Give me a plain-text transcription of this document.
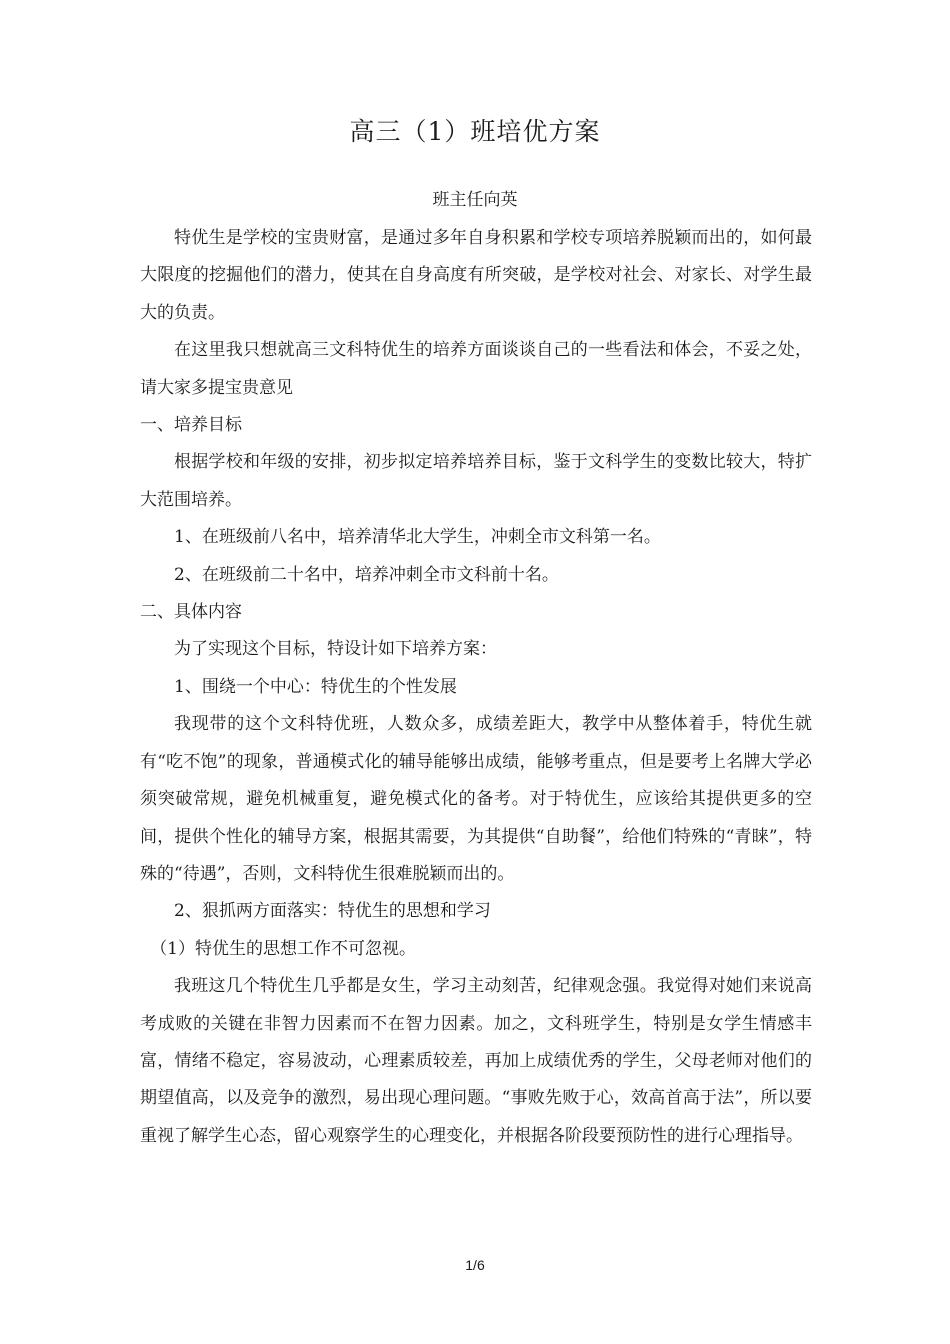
高三（1）班培优方案
班主任向英

特优生是学校的宝贵财富，是通过多年自身积累和学校专项培养脱颖而出的，如何最大限度的挖掘他们的潜力，使其在自身高度有所突破，是学校对社会、对家长、对学生最大的负责。

在这里我只想就高三文科特优生的培养方面谈谈自己的一些看法和体会，不妥之处，请大家多提宝贵意见

一、培养目标

根据学校和年级的安排，初步拟定培养培养目标，鉴于文科学生的变数比较大，特扩大范围培养。

1、在班级前八名中，培养清华北大学生，冲刺全市文科第一名。

2、在班级前二十名中，培养冲刺全市文科前十名。

二、具体内容

为了实现这个目标，特设计如下培养方案：

1、围绕一个中心：特优生的个性发展

我现带的这个文科特优班，人数众多，成绩差距大，教学中从整体着手，特优生就有“吃不饱”的现象，普通模式化的辅导能够出成绩，能够考重点，但是要考上名牌大学必须突破常规，避免机械重复，避免模式化的备考。对于特优生，应该给其提供更多的空间，提供个性化的辅导方案，根据其需要，为其提供“自助餐”，给他们特殊的“青睐”，特殊的“待遇”，否则，文科特优生很难脱颖而出的。

2、狠抓两方面落实：特优生的思想和学习

（1）特优生的思想工作不可忽视。

我班这几个特优生几乎都是女生，学习主动刻苦，纪律观念强。我觉得对她们来说高考成败的关键在非智力因素而不在智力因素。加之，文科班学生，特别是女学生情感丰富，情绪不稳定，容易波动，心理素质较差，再加上成绩优秀的学生，父母老师对他们的期望值高，以及竞争的激烈，易出现心理问题。“事败先败于心，效高首高于法”，所以要重视了解学生心态，留心观察学生的心理变化，并根据各阶段要预防性的进行心理指导。

1/6
